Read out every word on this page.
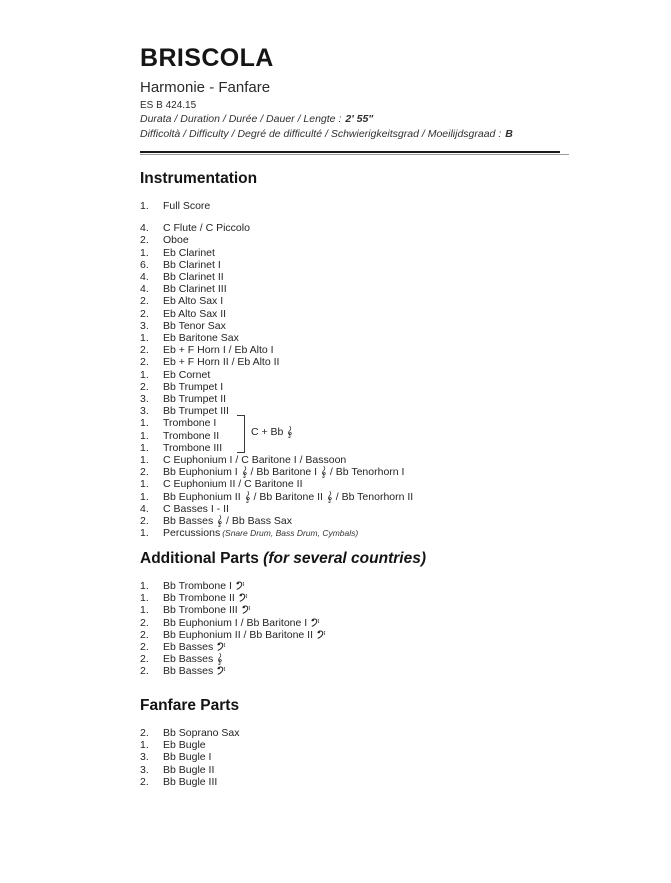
BRISCOLA
Harmonie - Fanfare
ES B 424.15
Durata / Duration / Durée / Dauer / Lengte : 2' 55"
Difficoltà / Difficulty / Degré de difficulté / Schwierigkeitsgrad / Moeilijdsgraad : B
Instrumentation
1.	Full Score
4.	C Flute / C Piccolo
2.	Oboe
1.	Eb Clarinet
6.	Bb Clarinet I
4.	Bb Clarinet II
4.	Bb Clarinet III
2.	Eb Alto Sax I
2.	Eb Alto Sax II
3.	Bb Tenor Sax
1.	Eb Baritone Sax
2.	Eb + F Horn I / Eb Alto I
2.	Eb + F Horn II / Eb Alto II
1.	Eb Cornet
2.	Bb Trumpet I
3.	Bb Trumpet II
3.	Bb Trumpet III
1.	Trombone I
1.	Trombone II
1.	Trombone III
1.	C Euphonium I / C Baritone I / Bassoon
2.	Bb Euphonium I  / Bb Baritone I  / Bb Tenorhorn I
1.	C Euphonium II / C Baritone II
1.	Bb Euphonium II  / Bb Baritone II  / Bb Tenorhorn II
4.	C Basses I - II
2.	Bb Basses  / Bb Bass Sax
1.	Percussions (Snare Drum, Bass Drum, Cymbals)
C + Bb
Additional Parts (for several countries)
1.	Bb Trombone I
1.	Bb Trombone II
1.	Bb Trombone III
2.	Bb Euphonium I / Bb Baritone I
2.	Bb Euphonium II / Bb Baritone II
2.	Eb Basses
2.	Eb Basses
2.	Bb Basses
Fanfare Parts
2.	Bb Soprano Sax
1.	Eb Bugle
3.	Bb Bugle I
3.	Bb Bugle II
2.	Bb Bugle III
